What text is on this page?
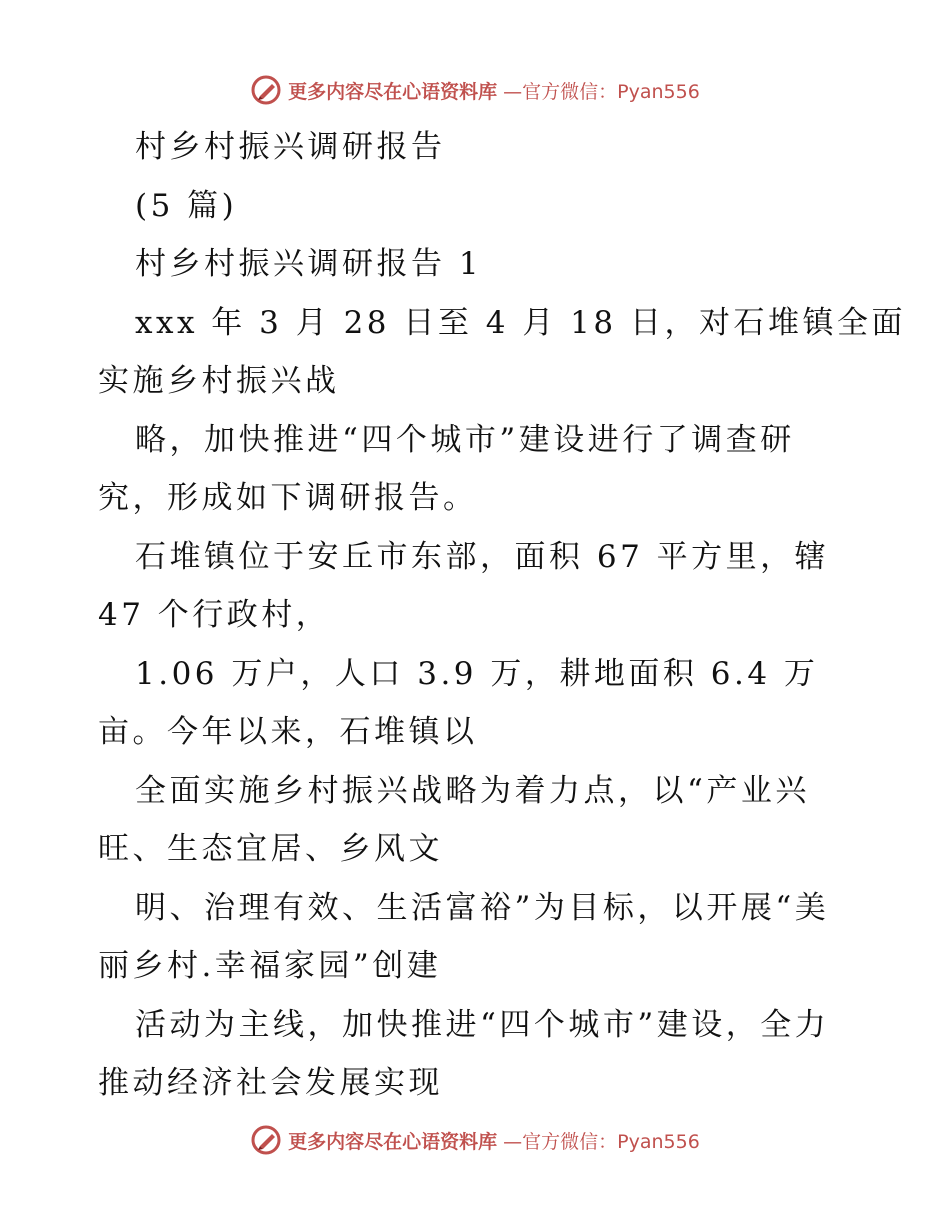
更多内容尽在心语资料库 —官方微信：Pyan556
村乡村振兴调研报告
(5 篇)
村乡村振兴调研报告 1
xxx 年 3 月 28 日至 4 月 18 日，对石堆镇全面
实施乡村振兴战
略，加快推进“四个城市”建设进行了调查研
究，形成如下调研报告。
石堆镇位于安丘市东部，面积 67 平方里，辖
47 个行政村，
1.06 万户，人口 3.9 万，耕地面积 6.4 万
亩。今年以来，石堆镇以
全面实施乡村振兴战略为着力点，以“产业兴
旺、生态宜居、乡风文
明、治理有效、生活富裕”为目标，以开展“美
丽乡村.幸福家园”创建
活动为主线，加快推进“四个城市”建设，全力
推动经济社会发展实现
更多内容尽在心语资料库 —官方微信：Pyan556
